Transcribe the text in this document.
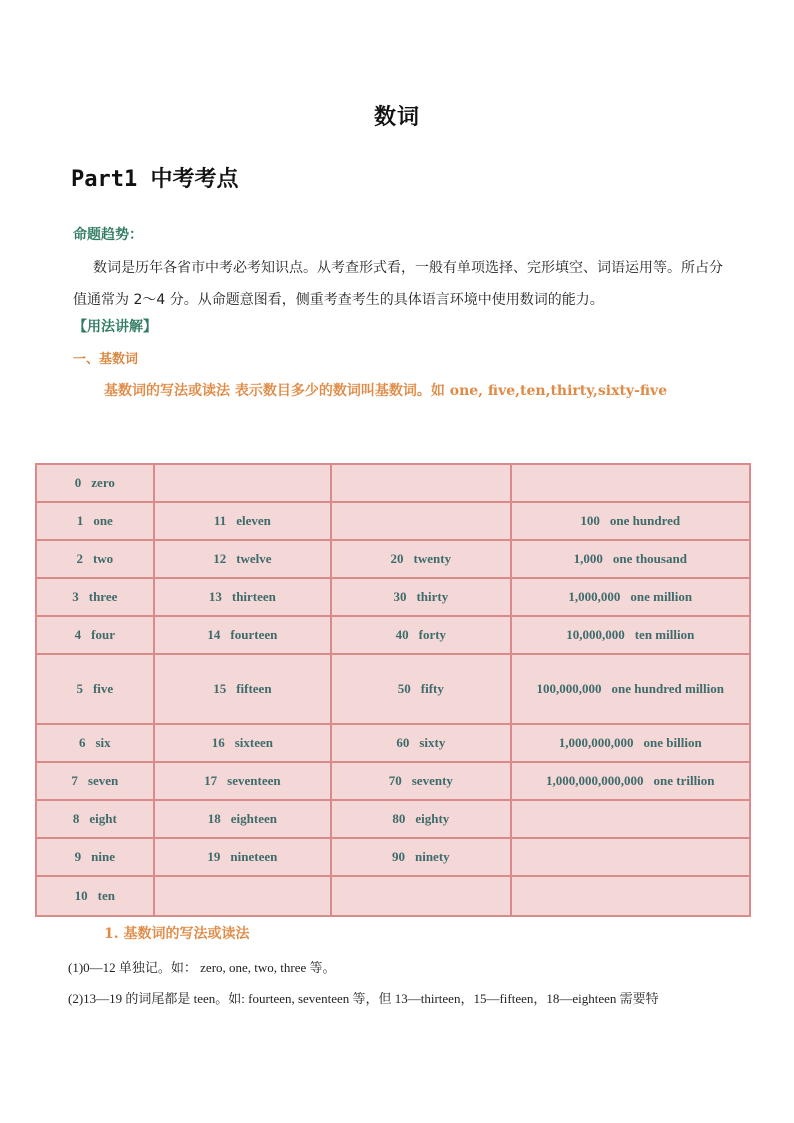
数词
Part1 中考考点
命题趋势：
数词是历年各省市中考必考知识点。从考查形式看，一般有单项选择、完形填空、词语运用等。所占分值通常为 2～4 分。从命题意图看，侧重考查考生的具体语言环境中使用数词的能力。
【用法讲解】
一、基数词
基数词的写法或读法 表示数目多少的数词叫基数词。如 one, five,ten,thirty,sixty-five
0 zero			
1 one	11 eleven		100 one hundred
2 two	12 twelve	20 twenty	1,000 one thousand
3 three	13 thirteen	30 thirty	1,000,000 one million
4 four	14 fourteen	40 forty	10,000,000 ten million
5 five	15 fifteen	50 fifty	100,000,000 one hundred million
6 six	16 sixteen	60 sixty	1,000,000,000 one billion
7 seven	17 seventeen	70 seventy	1,000,000,000,000 one trillion
8 eight	18 eighteen	80 eighty	
9 nine	19 nineteen	90 ninety	
10 ten			
1. 基数词的写法或读法
(1)0—12 单独记。如： zero, one, two, three 等。
(2)13—19 的词尾都是 teen。如: fourteen, seventeen 等，但 13—thirteen，15—fifteen，18—eighteen 需要特
